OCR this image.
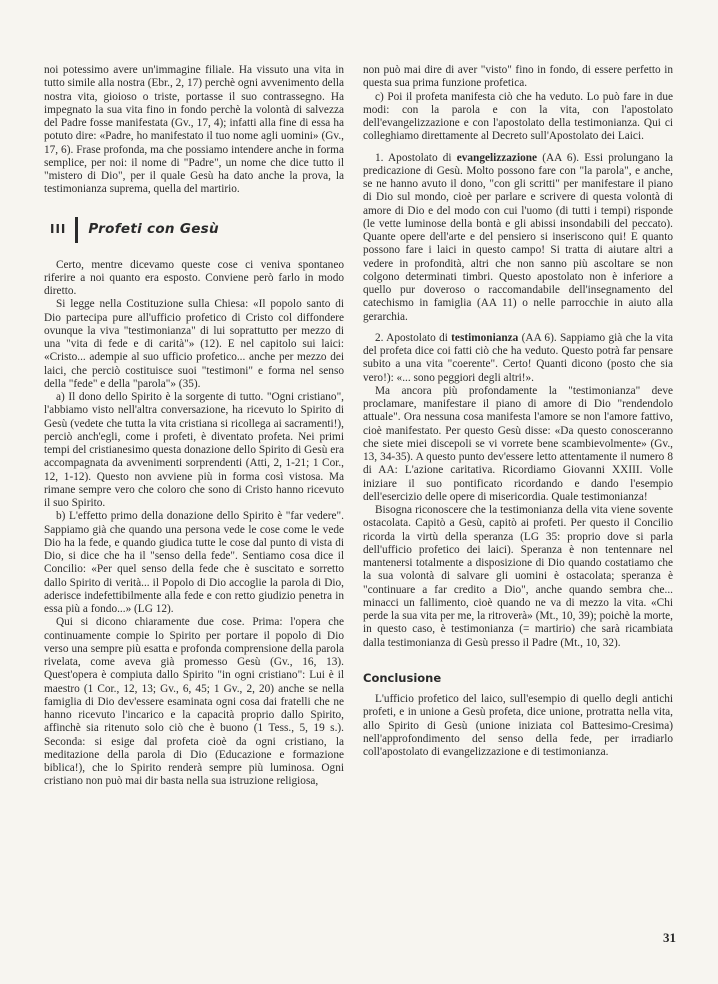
noi potessimo avere un'immagine filiale. Ha vissuto una vita in tutto simile alla nostra (Ebr., 2, 17) perchè ogni avvenimento della nostra vita, gioioso o triste, portasse il suo contrassegno. Ha impegnato la sua vita fino in fondo perchè la volontà di salvezza del Padre fosse manifestata (Gv., 17, 4); infatti alla fine di essa ha potuto dire: «Padre, ho manifestato il tuo nome agli uomini» (Gv., 17, 6). Frase profonda, ma che possiamo intendere anche in forma semplice, per noi: il nome di "Padre", un nome che dice tutto il "mistero di Dio", per il quale Gesù ha dato anche la prova, la testimonianza suprema, quella del martirio.

III Profeti con Gesù

Certo, mentre dicevamo queste cose ci veniva spontaneo riferire a noi quanto era esposto. Conviene però farlo in modo diretto.

Si legge nella Costituzione sulla Chiesa: «Il popolo santo di Dio partecipa pure all'ufficio profetico di Cristo col diffondere ovunque la viva "testimonianza" di lui soprattutto per mezzo di una "vita di fede e di carità"» (12). E nel capitolo sui laici: «Cristo... adempie al suo ufficio profetico... anche per mezzo dei laici, che perciò costituisce suoi "testimoni" e forma nel senso della "fede" e della "parola"» (35).

a) Il dono dello Spirito è la sorgente di tutto. "Ogni cristiano", l'abbiamo visto nell'altra conversazione, ha ricevuto lo Spirito di Gesù (vedete che tutta la vita cristiana si ricollega ai sacramenti!), perciò anch'egli, come i profeti, è diventato profeta. Nei primi tempi del cristianesimo questa donazione dello Spirito di Gesù era accompagnata da avvenimenti sorprendenti (Atti, 2, 1-21; 1 Cor., 12, 1-12). Questo non avviene più in forma così vistosa. Ma rimane sempre vero che coloro che sono di Cristo hanno ricevuto il suo Spirito.

b) L'effetto primo della donazione dello Spirito è "far vedere". Sappiamo già che quando una persona vede le cose come le vede Dio ha la fede, e quando giudica tutte le cose dal punto di vista di Dio, si dice che ha il "senso della fede". Sentiamo cosa dice il Concilio: «Per quel senso della fede che è suscitato e sorretto dallo Spirito di verità... il Popolo di Dio accoglie la parola di Dio, aderisce indefettibilmente alla fede e con retto giudizio penetra in essa più a fondo...» (LG 12).

Qui si dicono chiaramente due cose. Prima: l'opera che continuamente compie lo Spirito per portare il popolo di Dio verso una sempre più esatta e profonda comprensione della parola rivelata, come aveva già promesso Gesù (Gv., 16, 13). Quest'opera è compiuta dallo Spirito "in ogni cristiano": Lui è il maestro (1 Cor., 12, 13; Gv., 6, 45; 1 Gv., 2, 20) anche se nella famiglia di Dio dev'essere esaminata ogni cosa dai fratelli che ne hanno ricevuto l'incarico e la capacità proprio dallo Spirito, affinchè sia ritenuto solo ciò che è buono (1 Tess., 5, 19 s.). Seconda: si esige dal profeta cioè da ogni cristiano, la meditazione della parola di Dio (Educazione e formazione biblica!), che lo Spirito renderà sempre più luminosa. Ogni cristiano non può mai dir basta nella sua istruzione religiosa,

non può mai dire di aver "visto" fino in fondo, di essere perfetto in questa sua prima funzione profetica.

c) Poi il profeta manifesta ciò che ha veduto. Lo può fare in due modi: con la parola e con la vita, con l'apostolato dell'evangelizzazione e con l'apostolato della testimonianza. Qui ci colleghiamo direttamente al Decreto sull'Apostolato dei Laici.

1. Apostolato di evangelizzazione (AA 6). Essi prolungano la predicazione di Gesù. Molto possono fare con "la parola", e anche, se ne hanno avuto il dono, "con gli scritti" per manifestare il piano di Dio sul mondo, cioè per parlare e scrivere di questa volontà di amore di Dio e del modo con cui l'uomo (di tutti i tempi) risponde (le vette luminose della bontà e gli abissi insondabili del peccato). Quante opere dell'arte e del pensiero si inseriscono qui! E quanto possono fare i laici in questo campo! Si tratta di aiutare altri a vedere in profondità, altri che non sanno più ascoltare se non colgono determinati timbri. Questo apostolato non è inferiore a quello pur doveroso o raccomandabile dell'insegnamento del catechismo in famiglia (AA 11) o nelle parrocchie in aiuto alla gerarchia.

2. Apostolato di testimonianza (AA 6). Sappiamo già che la vita del profeta dice coi fatti ciò che ha veduto. Questo potrà far pensare subito a una vita "coerente". Certo! Quanti dicono (posto che sia vero!): «... sono peggiori degli altri!».

Ma ancora più profondamente la "testimonianza" deve proclamare, manifestare il piano di amore di Dio "rendendolo attuale". Ora nessuna cosa manifesta l'amore se non l'amore fattivo, cioè manifestato. Per questo Gesù disse: «Da questo conosceranno che siete miei discepoli se vi vorrete bene scambievolmente» (Gv., 13, 34-35). A questo punto dev'essere letto attentamente il numero 8 di AA: L'azione caritativa. Ricordiamo Giovanni XXIII. Volle iniziare il suo pontificato ricordando e dando l'esempio dell'esercizio delle opere di misericordia. Quale testimonianza!

Bisogna riconoscere che la testimonianza della vita viene sovente ostacolata. Capitò a Gesù, capitò ai profeti. Per questo il Concilio ricorda la virtù della speranza (LG 35: proprio dove si parla dell'ufficio profetico dei laici). Speranza è non tentennare nel mantenersi totalmente a disposizione di Dio quando costatiamo che la sua volontà di salvare gli uomini è ostacolata; speranza è "continuare a far credito a Dio", anche quando sembra che... minacci un fallimento, cioè quando ne va di mezzo la vita. «Chi perde la sua vita per me, la ritroverà» (Mt., 10, 39); poichè la morte, in questo caso, è testimonianza (= martirio) che sarà ricambiata dalla testimonianza di Gesù presso il Padre (Mt., 10, 32).

Conclusione

L'ufficio profetico del laico, sull'esempio di quello degli antichi profeti, e in unione a Gesù profeta, dice unione, protratta nella vita, allo Spirito di Gesù (unione iniziata col Battesimo-Cresima) nell'approfondimento del senso della fede, per irradiarlo coll'apostolato di evangelizzazione e di testimonianza.

31
